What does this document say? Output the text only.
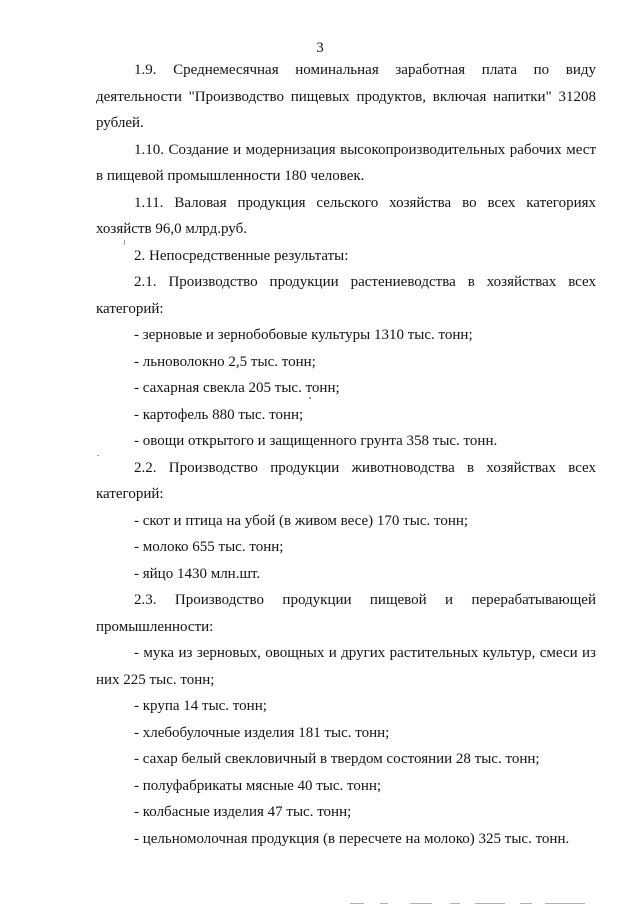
3

1.9. Среднемесячная номинальная заработная плата по виду деятельности "Производство пищевых продуктов, включая напитки" 31208 рублей.

1.10. Создание и модернизация высокопроизводительных рабочих мест в пищевой промышленности 180 человек.

1.11. Валовая продукция сельского хозяйства во всех категориях хозяйств 96,0 млрд.руб.

2. Непосредственные результаты:

2.1. Производство продукции растениеводства в хозяйствах всех категорий:

- зерновые и зернобобовые культуры 1310 тыс. тонн;

- льноволокно 2,5 тыс. тонн;

- сахарная свекла 205 тыс. тонн;

- картофель 880 тыс. тонн;

- овощи открытого и защищенного грунта 358 тыс. тонн.

2.2. Производство продукции животноводства в хозяйствах всех категорий:

- скот и птица на убой (в живом весе) 170 тыс. тонн;

- молоко 655 тыс. тонн;

- яйцо 1430 млн.шт.

2.3. Производство продукции пищевой и перерабатывающей промышленности:

- мука из зерновых, овощных и других растительных культур, смеси из них 225 тыс. тонн;

- крупа 14 тыс. тонн;

- хлебобулочные изделия 181 тыс. тонн;

- сахар белый свекловичный в твердом состоянии 28 тыс. тонн;

- полуфабрикаты мясные 40 тыс. тонн;

- колбасные изделия 47 тыс. тонн;

- цельномолочная продукция (в пересчете на молоко) 325 тыс. тонн.
